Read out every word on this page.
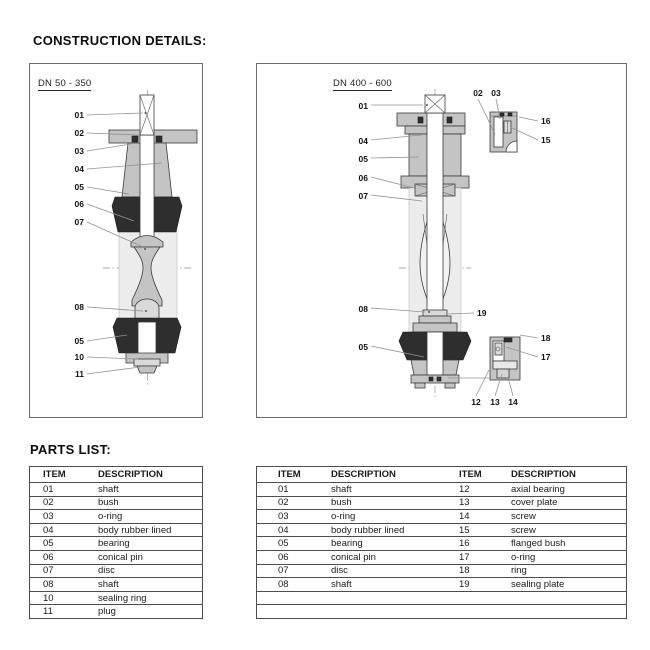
CONSTRUCTION DETAILS:
DN 50 - 350
01
02
03
04
05
06
07
08
05
10
11
DN 400 - 600
01
04
05
06
07
08
05
02 03
16
15
19
18
17
12 13 14
PARTS LIST:
ITEM	DESCRIPTION
01	shaft
02	bush
03	o-ring
04	body rubber lined
05	bearing
06	conical pin
07	disc
08	shaft
10	sealing ring
11	plug
ITEM	DESCRIPTION	ITEM	DESCRIPTION
01	shaft	12	axial bearing
02	bush	13	cover plate
03	o-ring	14	screw
04	body rubber lined	15	screw
05	bearing	16	flanged bush
06	conical pin	17	o-ring
07	disc	18	ring
08	shaft	19	sealing plate
